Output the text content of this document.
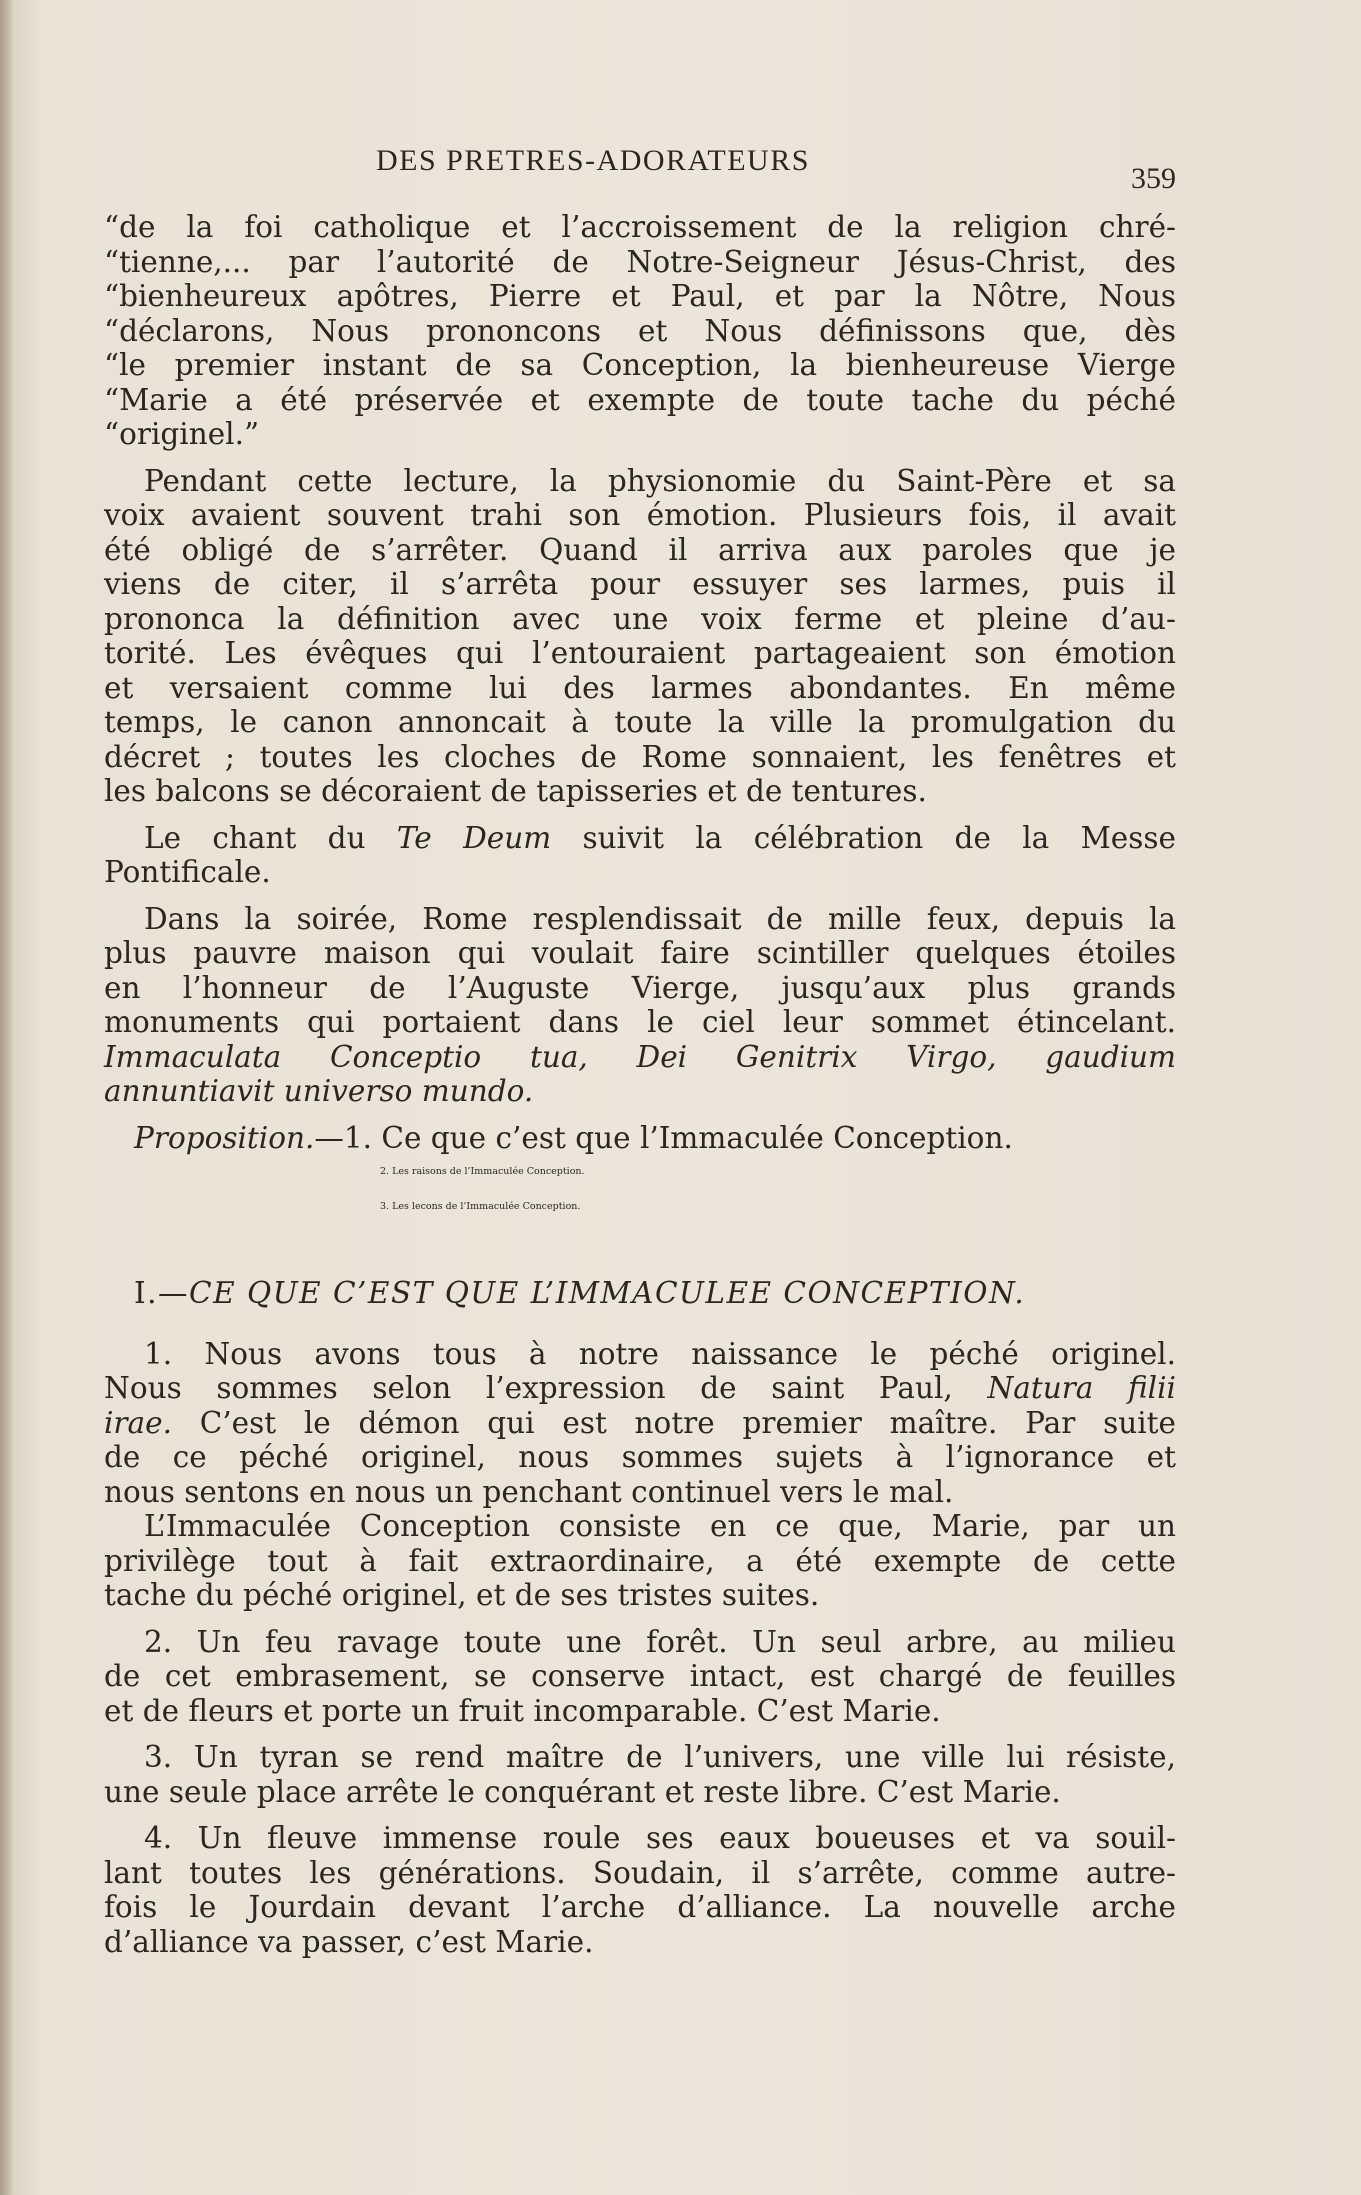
DES PRETRES-ADORATEURS
359
“de la foi catholique et l’accroissement de la religion chré-
“tienne,... par l’autorité de Notre-Seigneur Jésus-Christ, des
“bienheureux apôtres, Pierre et Paul, et par la Nôtre, Nous
“déclarons, Nous prononcons et Nous définissons que, dès
“le premier instant de sa Conception, la bienheureuse Vierge
“Marie a été préservée et exempte de toute tache du péché
“originel.”
Pendant cette lecture, la physionomie du Saint-Père et sa
voix avaient souvent trahi son émotion. Plusieurs fois, il avait
été obligé de s’arrêter. Quand il arriva aux paroles que je
viens de citer, il s’arrêta pour essuyer ses larmes, puis il
prononca la définition avec une voix ferme et pleine d’au-
torité. Les évêques qui l’entouraient partageaient son émotion
et versaient comme lui des larmes abondantes. En même
temps, le canon annoncait à toute la ville la promulgation du
décret ; toutes les cloches de Rome sonnaient, les fenêtres et
les balcons se décoraient de tapisseries et de tentures.
Le chant du Te Deum suivit la célébration de la Messe
Pontificale.
Dans la soirée, Rome resplendissait de mille feux, depuis la
plus pauvre maison qui voulait faire scintiller quelques étoiles
en l’honneur de l’Auguste Vierge, jusqu’aux plus grands
monuments qui portaient dans le ciel leur sommet étincelant.
Immaculata Conceptio tua, Dei Genitrix Virgo, gaudium
annuntiavit universo mundo.
Proposition.—1. Ce que c’est que l’Immaculée Conception.
2. Les raisons de l’Immaculée Conception.
3. Les lecons de l’Immaculée Conception.
I.—CE QUE C’EST QUE L’IMMACULEE CONCEPTION.
1. Nous avons tous à notre naissance le péché originel.
Nous sommes selon l’expression de saint Paul, Natura filii
irae. C’est le démon qui est notre premier maître. Par suite
de ce péché originel, nous sommes sujets à l’ignorance et
nous sentons en nous un penchant continuel vers le mal.
L’Immaculée Conception consiste en ce que, Marie, par un
privilège tout à fait extraordinaire, a été exempte de cette
tache du péché originel, et de ses tristes suites.
2. Un feu ravage toute une forêt. Un seul arbre, au milieu
de cet embrasement, se conserve intact, est chargé de feuilles
et de fleurs et porte un fruit incomparable. C’est Marie.
3. Un tyran se rend maître de l’univers, une ville lui résiste,
une seule place arrête le conquérant et reste libre. C’est Marie.
4. Un fleuve immense roule ses eaux boueuses et va souil-
lant toutes les générations. Soudain, il s’arrête, comme autre-
fois le Jourdain devant l’arche d’alliance. La nouvelle arche
d’alliance va passer, c’est Marie.
